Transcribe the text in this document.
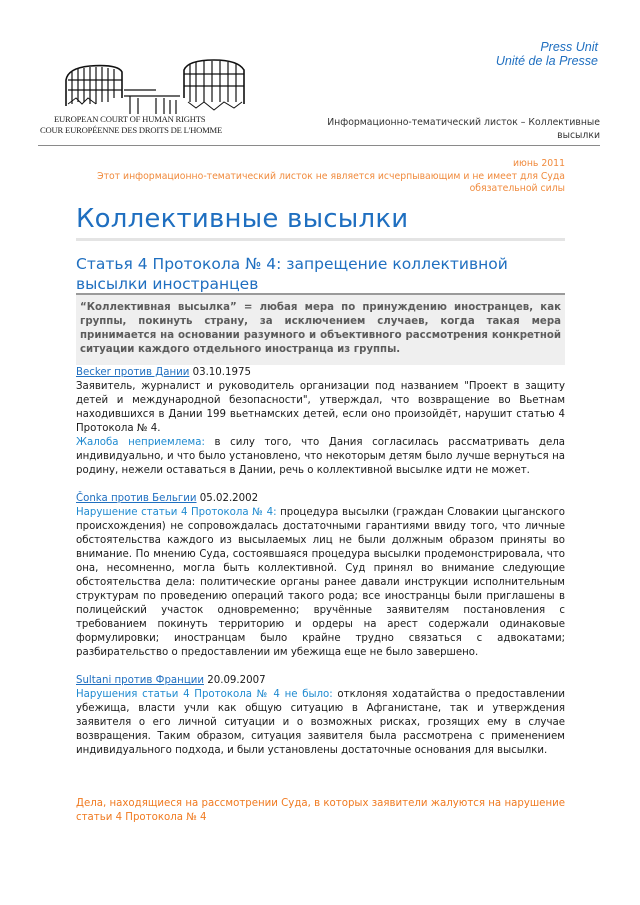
Press Unit
Unité de la Presse
EUROPEAN COURT OF HUMAN RIGHTS
COUR EUROPÉENNE DES DROITS DE L'HOMME
Информационно-тематический листок – Коллективные
высылки
июнь 2011
Этот информационно-тематический листок не является исчерпывающим и не имеет для Суда
обязательной силы
Коллективные высылки
Статья 4 Протокола № 4: запрещение коллективной
высылки иностранцев
“Коллективная высылка” = любая мера по принуждению иностранцев, как группы, покинуть страну, за исключением случаев, когда такая мера принимается на основании разумного и объективного рассмотрения конкретной ситуации каждого отдельного иностранца из группы.
Becker против Дании 03.10.1975
Заявитель, журналист и руководитель организации под названием "Проект в защиту детей и международной безопасности", утверждал, что возвращение во Вьетнам находившихся в Дании 199 вьетнамских детей, если оно произойдёт, нарушит статью 4 Протокола № 4.
Жалоба неприемлема: в силу того, что Дания согласилась рассматривать дела индивидуально, и что было установлено, что некоторым детям было лучше вернуться на родину, нежели оставаться в Дании, речь о коллективной высылке идти не может.
Čonka против Бельгии 05.02.2002
Нарушение статьи 4 Протокола № 4: процедура высылки (граждан Словакии цыганского происхождения) не сопровождалась достаточными гарантиями ввиду того, что личные обстоятельства каждого из высылаемых лиц не были должным образом приняты во внимание. По мнению Суда, состоявшаяся процедура высылки продемонстрировала, что она, несомненно, могла быть коллективной. Суд принял во внимание следующие обстоятельства дела: политические органы ранее давали инструкции исполнительным структурам по проведению операций такого рода; все иностранцы были приглашены в полицейский участок одновременно; вручённые заявителям постановления с требованием покинуть территорию и ордеры на арест содержали одинаковые формулировки; иностранцам было крайне трудно связаться с адвокатами; разбирательство о предоставлении им убежища еще не было завершено.
Sultani против Франции 20.09.2007
Нарушения статьи 4 Протокола № 4 не было: отклоняя ходатайства о предоставлении убежища, власти учли как общую ситуацию в Афганистане, так и утверждения заявителя о его личной ситуации и о возможных рисках, грозящих ему в случае возвращения. Таким образом, ситуация заявителя была рассмотрена с применением индивидуального подхода, и были установлены достаточные основания для высылки.
Дела, находящиеся на рассмотрении Суда, в которых заявители жалуются на нарушение статьи 4 Протокола № 4
